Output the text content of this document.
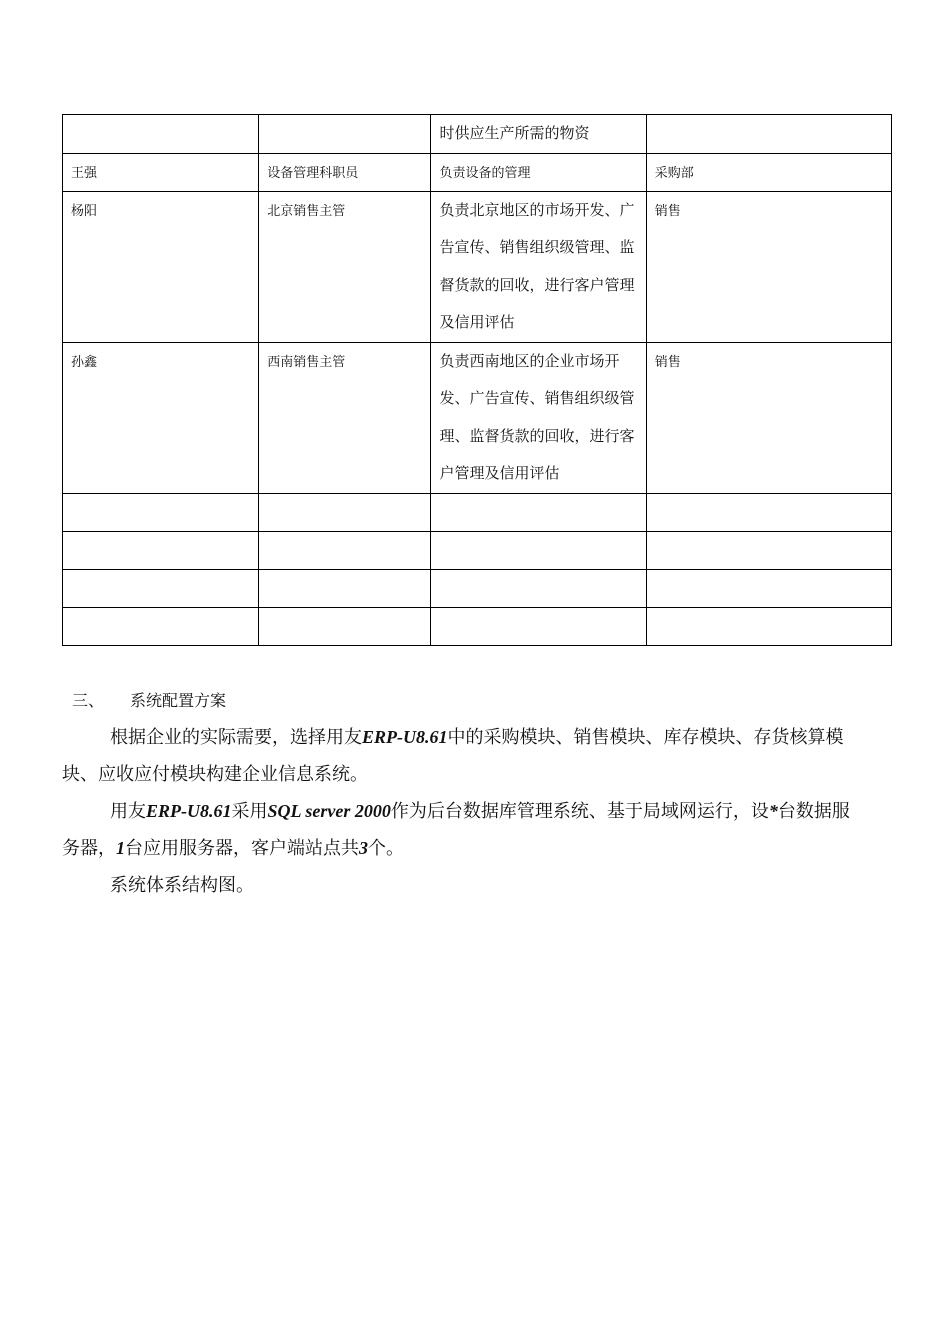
		时供应生产所需的物资	
王强	设备管理科职员	负责设备的管理	采购部
杨阳	北京销售主管	负责北京地区的市场开发、广告宣传、销售组织级管理、监督货款的回收，进行客户管理及信用评估	销售
孙鑫	西南销售主管	负责西南地区的企业市场开发、广告宣传、销售组织级管理、监督货款的回收，进行客户管理及信用评估	销售

三、 系统配置方案
根据企业的实际需要，选择用友ERP-U8.61中的采购模块、销售模块、库存模块、存货核算模块、应收应付模块构建企业信息系统。
用友ERP-U8.61采用SQL server 2000作为后台数据库管理系统、基于局域网运行，设*台数据服务器，1台应用服务器，客户端站点共3个。
系统体系结构图。
